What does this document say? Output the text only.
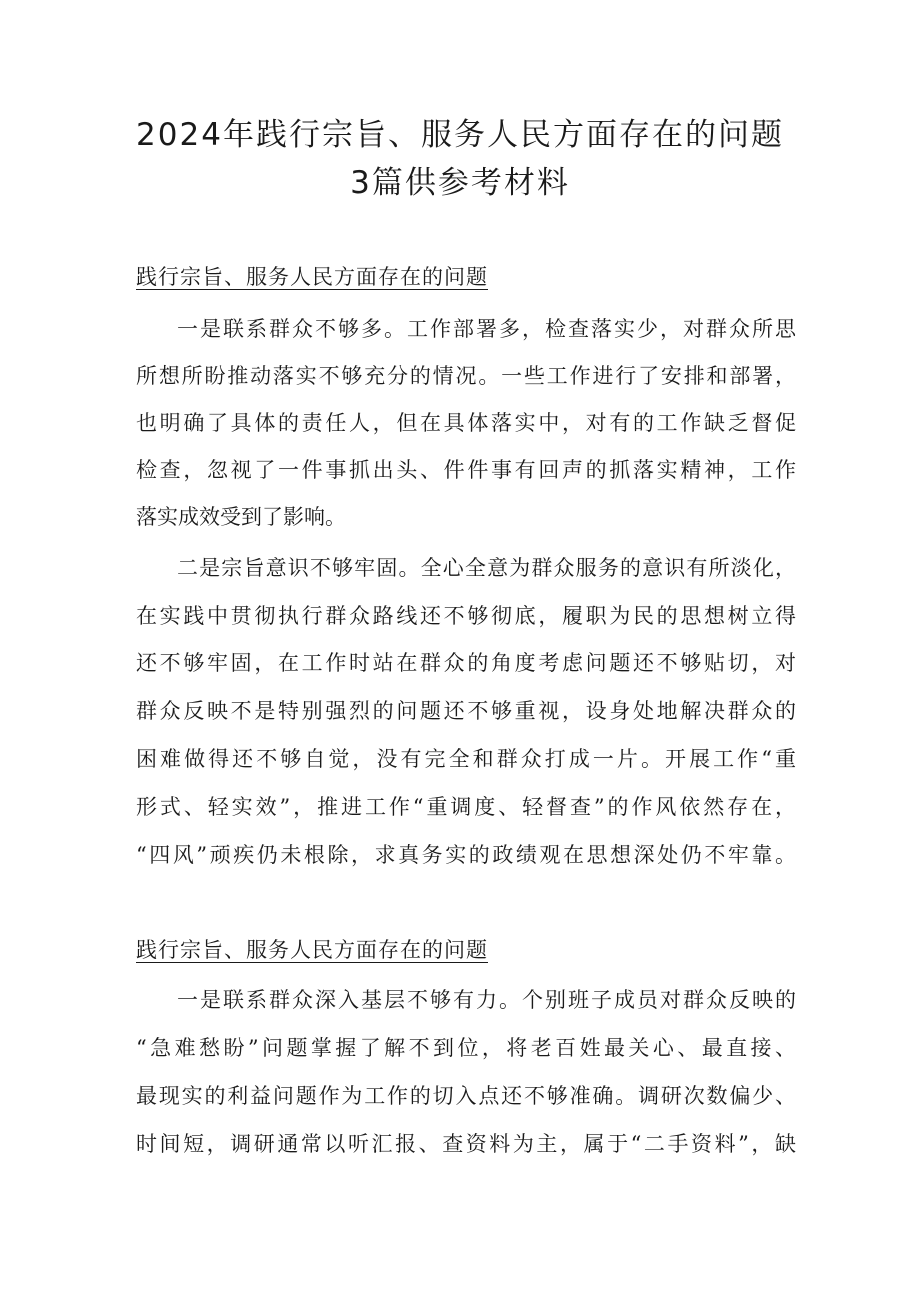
2024年践行宗旨、服务人民方面存在的问题
3篇供参考材料
践行宗旨、服务人民方面存在的问题

一是联系群众不够多。工作部署多，检查落实少，对群众所思

所想所盼推动落实不够充分的情况。一些工作进行了安排和部署，

也明确了具体的责任人，但在具体落实中，对有的工作缺乏督促

检查，忽视了一件事抓出头、件件事有回声的抓落实精神，工作

落实成效受到了影响。

二是宗旨意识不够牢固。全心全意为群众服务的意识有所淡化，

在实践中贯彻执行群众路线还不够彻底，履职为民的思想树立得

还不够牢固，在工作时站在群众的角度考虑问题还不够贴切，对

群众反映不是特别强烈的问题还不够重视，设身处地解决群众的

困难做得还不够自觉，没有完全和群众打成一片。开展工作“重

形式、轻实效”，推进工作“重调度、轻督查”的作风依然存在，

“四风”顽疾仍未根除，求真务实的政绩观在思想深处仍不牢靠。

践行宗旨、服务人民方面存在的问题

一是联系群众深入基层不够有力。个别班子成员对群众反映的

“急难愁盼”问题掌握了解不到位，将老百姓最关心、最直接、

最现实的利益问题作为工作的切入点还不够准确。调研次数偏少、

时间短，调研通常以听汇报、查资料为主，属于“二手资料”，缺
